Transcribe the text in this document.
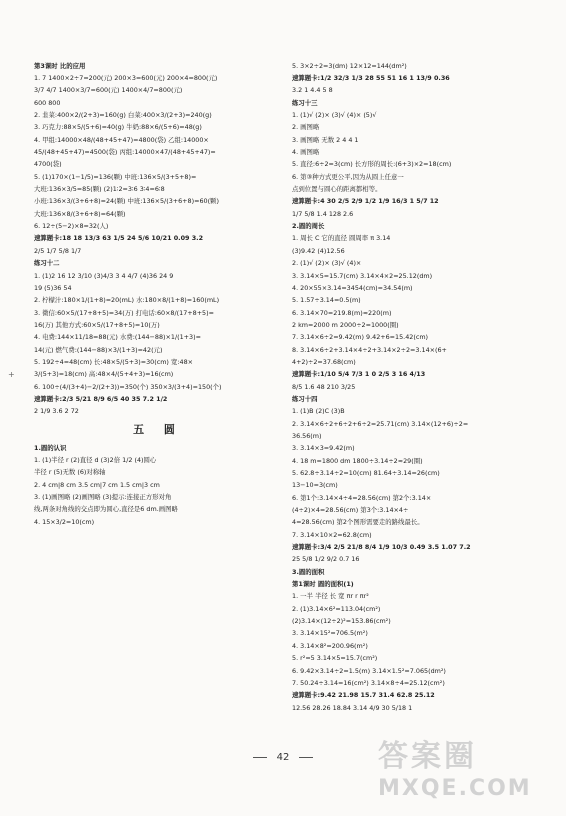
第3课时 比的应用
1. 7 1400×2÷7=200(元) 200×3=600(元) 200×4=800(元)
3/7 4/7 1400×3/7=600(元) 1400×4/7=800(元)
600 800
2. 韭菜:400×2/(2+3)=160(g) 白菜:400×3/(2+3)=240(g)
3. 巧克力:88×5/(5+6)=40(g) 牛奶:88×6/(5+6)=48(g)
4. 甲组:14000×48/(48+45+47)=4800(袋) 乙组:14000×
45/(48+45+47)=4500(袋) 丙组:14000×47/(48+45+47)=
4700(袋)
5. (1)170×(1−1/5)=136(颗) 中班:136×5/(3+5+8)=
大班:136×3/5=85(颗) (2)1∶2=3∶6 3∶4=6∶8
小班:136×3/(3+6+8)=24(颗) 中班:136×5/(3+6+8)=60(颗)
大班:136×8/(3+6+8)=64(颗)
6. 12÷(5−2)×8=32(人)
速算题卡:18 18 13/3 63 1/5 24 5/6 10/21 0.09 3.2
2/5 1/7 5/8 1/7
练习十二
1. (1)2 16 12 3/10 (3)4/3 3 4 4/7 (4)36 24 9
19 (5)36 54
2. 柠檬汁:180×1/(1+8)=20(mL) 水:180×8/(1+8)=160(mL)
3. 微信:60×5/(17+8+5)=34(万) 打电话:60×8/(17+8+5)=
16(万) 其他方式:60×5/(17+8+5)=10(万)
4. 电费:144×11/18=88(元) 水费:(144−88)×1/(1+3)=
14(元) 燃气费:(144−88)×3/(1+3)=42(元)
5. 192÷4=48(cm) 长:48×5/(5+3)=30(cm) 宽:48×
3/(5+3)=18(cm) 高:48×4/(5+4+3)=16(cm)
6. 100÷(4/(3+4)−2/(2+3))=350(个) 350×3/(3+4)=150(个)
速算题卡:2/3 5/21 8/9 6/5 40 35 7.2 1/2
2 1/9 3.6 2 72
五 圆
1.圆的认识
1. (1)半径 r (2)直径 d (3)2倍 1/2 (4)圆心
半径 r (5)无数 (6)对称轴
2. 4 cm|8 cm 3.5 cm|7 cm 1.5 cm|3 cm
3. (1)画图略 (2)画图略 (3)提示:连接正方形对角
线,两条对角线的交点即为圆心,直径是6 dm.画图略
4. 15×3/2=10(cm)
5. 3×2÷2=3(dm) 12×12=144(dm²)
速算题卡:1/2 32/3 1/3 28 55 51 16 1 13/9 0.36
3.2 1 4.4 5 8
练习十三
1. (1)√ (2)× (3)√ (4)× (5)√
2. 画图略
3. 画图略 无数 2 4 4 1
4. 画图略
5. 直径:6÷2=3(cm) 长方形的周长:(6+3)×2=18(cm)
6. 第③种方式更公平,因为从圆上任意一
点到位置与圆心的距离都相等。
速算题卡:4 30 2/5 2/9 1/2 1/9 16/3 1 5/7 12
1/7 5/8 1.4 128 2.6
2.圆的周长
1. 周长 C 它的直径 圆周率 π 3.14
(3)9.42 (4)12.56
2. (1)√ (2)× (3)√ (4)×
3. 3.14×5=15.7(cm) 3.14×4×2=25.12(dm)
4. 20×55×3.14=3454(cm)=34.54(m)
5. 1.57÷3.14=0.5(m)
6. 3.14×70=219.8(m)≈220(m)
2 km=2000 m 2000÷2=1000(圈)
7. 3.14×6÷2=9.42(m) 9.42+6=15.42(cm)
8. 3.14×6÷2+3.14×4÷2+3.14×2÷2=3.14×(6+
4+2)÷2=37.68(cm)
速算题卡:1/10 5/4 7/3 1 0 2/5 3 16 4/13
8/5 1.6 48 210 3/25
练习十四
1. (1)B (2)C (3)B
2. 3.14×6÷2+6÷2+6÷2=25.71(cm) 3.14×(12+6)÷2=
36.56(m)
3. 3.14×3=9.42(m)
4. 18 m=1800 dm 1800÷3.14÷2≈29(圈)
5. 62.8÷3.14÷2=10(cm) 81.64÷3.14=26(cm)
13−10=3(cm)
6. 第1个:3.14×4÷4=28.56(cm) 第2个:3.14×
(4÷2)×4=28.56(cm) 第3个:3.14×4÷
4=28.56(cm) 第2个图形需要走的路线最长。
7. 3.14×10×2=62.8(cm)
速算题卡:3/4 2/5 21/8 8/4 1/9 10/3 0.49 3.5 1.07 7.2
25 5/8 1/2 9/2 0.7 16
3.圆的面积
第1课时 圆的面积(1)
1. 一半 半径 长 宽 πr r πr²
2. (1)3.14×6²=113.04(cm²)
(2)3.14×(12÷2)²=153.86(cm²)
3. 3.14×15²=706.5(m²)
4. 3.14×8²=200.96(m²)
5. r²=5 3.14×5=15.7(cm²)
6. 9.42×3.14÷2=1.5(m) 3.14×1.5²=7.065(dm²)
7. 50.24÷3.14=16(cm²) 3.14×8÷4=25.12(cm²)
速算题卡:9.42 21.98 15.7 31.4 62.8 25.12
12.56 28.26 18.84 3.14 4/9 30 5/18 1
+
42	答案圈
MXQE.COM
